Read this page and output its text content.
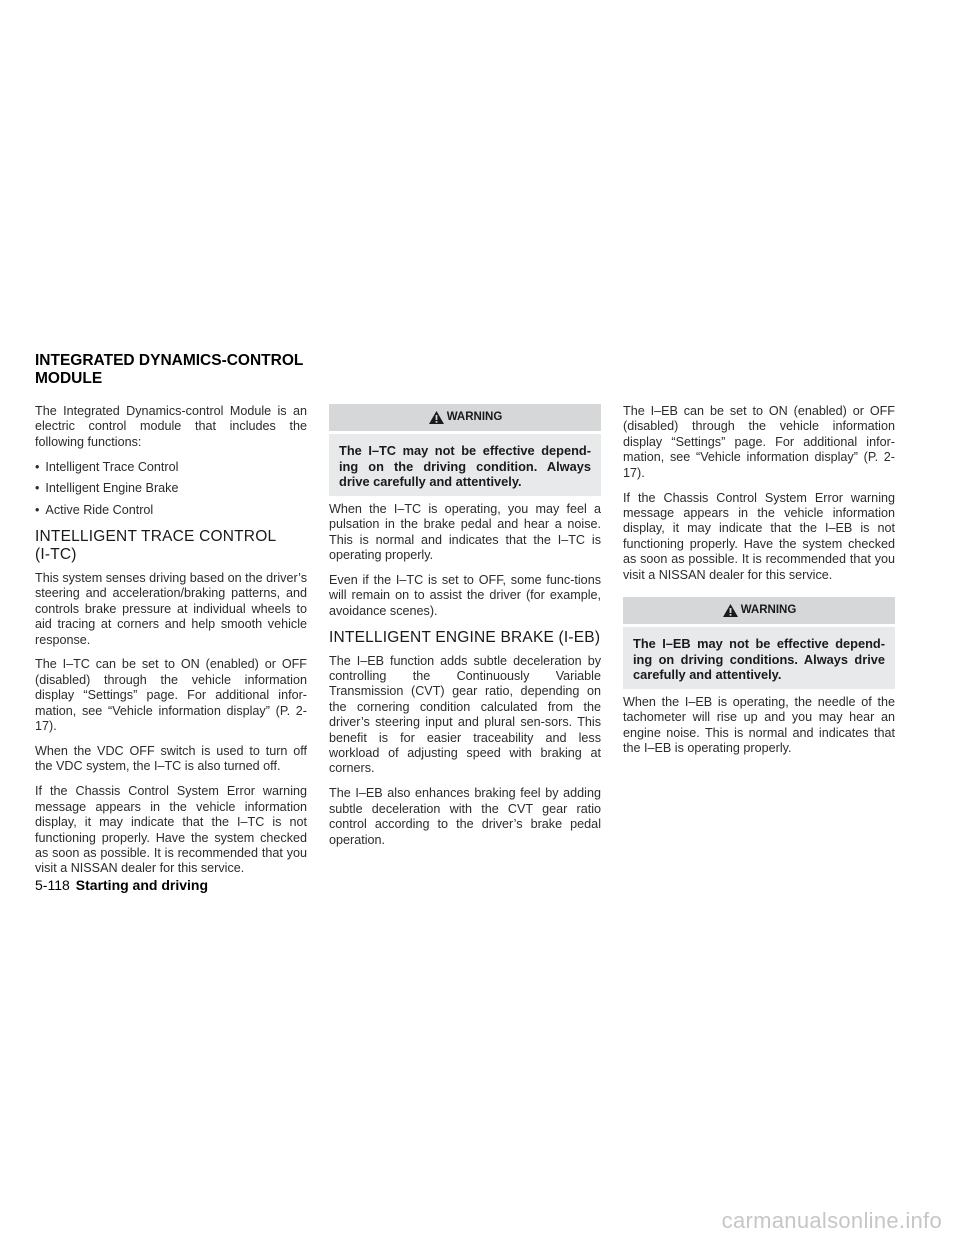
INTEGRATED DYNAMICS-CONTROL
MODULE

The Integrated Dynamics-control Module is an electric control module that includes the following functions:

• Intelligent Trace Control
• Intelligent Engine Brake
• Active Ride Control
INTELLIGENT TRACE CONTROL
(I-TC)

This system senses driving based on the driver’s steering and acceleration/braking patterns, and controls brake pressure at individual wheels to aid tracing at corners and help smooth vehicle response.

The I–TC can be set to ON (enabled) or OFF (disabled) through the vehicle information display “Settings” page. For additional infor-mation, see “Vehicle information display” (P. 2-17).

When the VDC OFF switch is used to turn off the VDC system, the I–TC is also turned off.

If the Chassis Control System Error warning message appears in the vehicle information display, it may indicate that the I–TC is not functioning properly. Have the system checked as soon as possible. It is recommended that you visit a NISSAN dealer for this service.

WARNING
The I–TC may not be effective depend-ing on the driving condition. Always drive carefully and attentively.

When the I–TC is operating, you may feel a pulsation in the brake pedal and hear a noise. This is normal and indicates that the I–TC is operating properly.

Even if the I–TC is set to OFF, some func-tions will remain on to assist the driver (for example, avoidance scenes).

INTELLIGENT ENGINE BRAKE (I-EB)

The I–EB function adds subtle deceleration by controlling the Continuously Variable Transmission (CVT) gear ratio, depending on the cornering condition calculated from the driver’s steering input and plural sen-sors. This benefit is for easier traceability and less workload of adjusting speed with braking at corners.

The I–EB also enhances braking feel by adding subtle deceleration with the CVT gear ratio control according to the driver’s brake pedal operation.

The I–EB can be set to ON (enabled) or OFF (disabled) through the vehicle information display “Settings” page. For additional infor-mation, see “Vehicle information display” (P. 2-17).

If the Chassis Control System Error warning message appears in the vehicle information display, it may indicate that the I–EB is not functioning properly. Have the system checked as soon as possible. It is recommended that you visit a NISSAN dealer for this service.

WARNING
The I–EB may not be effective depend-ing on driving conditions. Always drive carefully and attentively.

When the I–EB is operating, the needle of the tachometer will rise up and you may hear an engine noise. This is normal and indicates that the I–EB is operating properly.

5-118 Starting and driving
carmanualsonline.info
